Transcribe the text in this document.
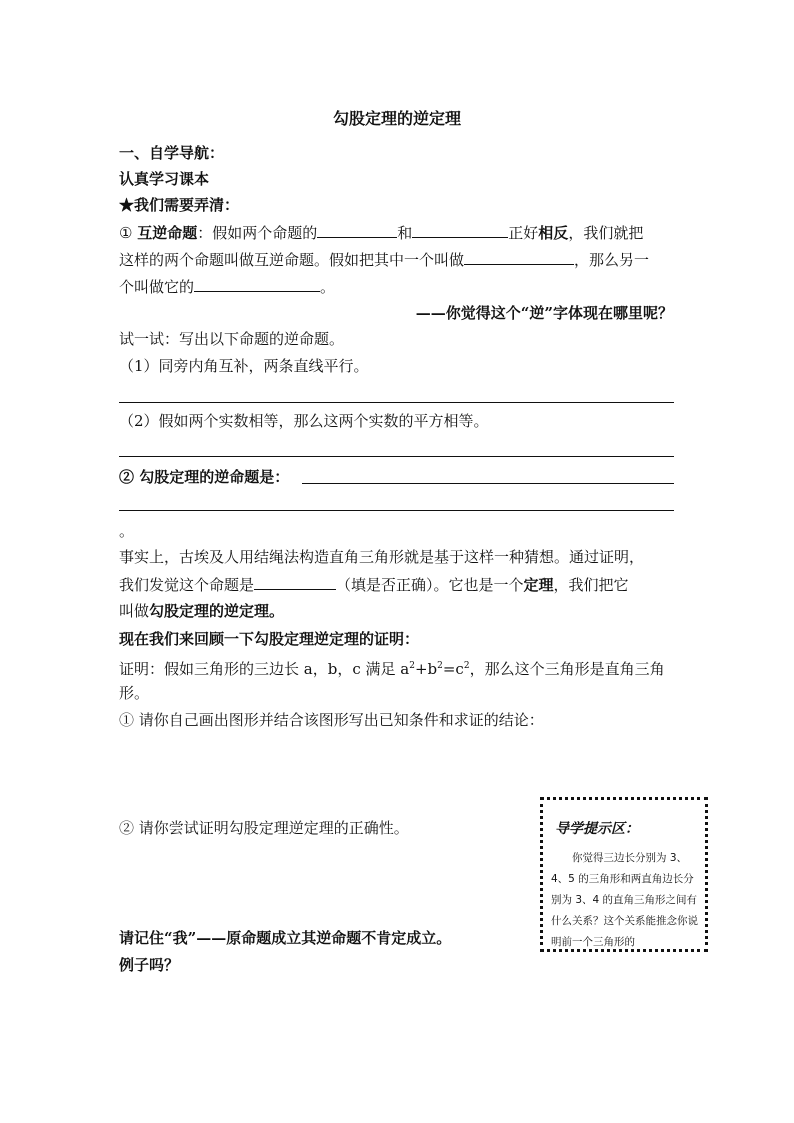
勾股定理的逆定理
一、自学导航：
认真学习课本
★我们需要弄清：
① 互逆命题：假如两个命题的	和	正好相反，我们就把
这样的两个命题叫做互逆命题。假如把其中一个叫做	，那么另一
个叫做它的	。
——你觉得这个“逆”字体现在哪里呢？
试一试：写出以下命题的逆命题。
（1）同旁内角互补，两条直线平行。
（2）假如两个实数相等，那么这两个实数的平方相等。
② 勾股定理的逆命题是：
。
事实上，古埃及人用结绳法构造直角三角形就是基于这样一种猜想。通过证明，
我们发觉这个命题是	（填是否正确）。它也是一个定理，我们把它
叫做勾股定理的逆定理。
现在我们来回顾一下勾股定理逆定理的证明：
证明：假如三角形的三边长 a，b，c 满足 $a^2+b^2=c^2$，那么这个三角形是直角三角
形。
① 请你自己画出图形并结合该图形写出已知条件和求证的结论：
② 请你尝试证明勾股定理逆定理的正确性。	导学提示区：
你觉得三边长分别为 3、4、5 的三角形和两直角边长分别为 3、4 的直角三角形之间有什么关系？这个关系能推念你说明前一个三角形的
请记住“我”——原命题成立其逆命题不肯定成立。
例子吗？
